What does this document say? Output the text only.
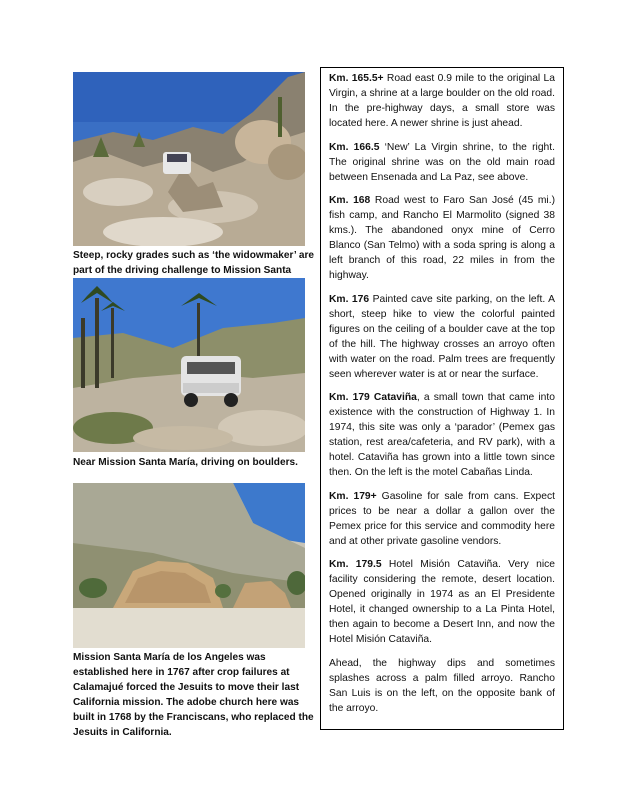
Steep, rocky grades such as ‘the widowmaker’ are part of the driving challenge to Mission Santa
Near Mission Santa María, driving on boulders.
Mission Santa María de los Angeles was established here in 1767 after crop failures at Calamajué forced the Jesuits to move their last California mission. The adobe church here was built in 1768 by the Franciscans, who replaced the Jesuits in California.

Km. 165.5+ Road east 0.9 mile to the original La Virgin, a shrine at a large boulder on the old road. In the pre-highway days, a small store was located here. A newer shrine is just ahead.

Km. 166.5 ‘New’ La Virgin shrine, to the right. The original shrine was on the old main road between Ensenada and La Paz, see above.

Km. 168 Road west to Faro San José (45 mi.) fish camp, and Rancho El Marmolito (signed 38 kms.). The abandoned onyx mine of Cerro Blanco (San Telmo) with a soda spring is along a left branch of this road, 22 miles in from the highway.

Km. 176 Painted cave site parking, on the left. A short, steep hike to view the colorful painted figures on the ceiling of a boulder cave at the top of the hill. The highway crosses an arroyo often with water on the road. Palm trees are frequently seen wherever water is at or near the surface.

Km. 179 Cataviña, a small town that came into existence with the construction of Highway 1. In 1974, this site was only a ‘parador’ (Pemex gas station, rest area/cafeteria, and RV park), with a hotel. Cataviña has grown into a little town since then. On the left is the motel Cabañas Linda.

Km. 179+ Gasoline for sale from cans. Expect prices to be near a dollar a gallon over the Pemex price for this service and commodity here and at other private gasoline vendors.

Km. 179.5 Hotel Misión Cataviña. Very nice facility considering the remote, desert location. Opened originally in 1974 as an El Presidente Hotel, it changed ownership to a La Pinta Hotel, then again to become a Desert Inn, and now the Hotel Misión Cataviña.

Ahead, the highway dips and sometimes splashes across a palm filled arroyo. Rancho San Luis is on the left, on the opposite bank of the arroyo.
